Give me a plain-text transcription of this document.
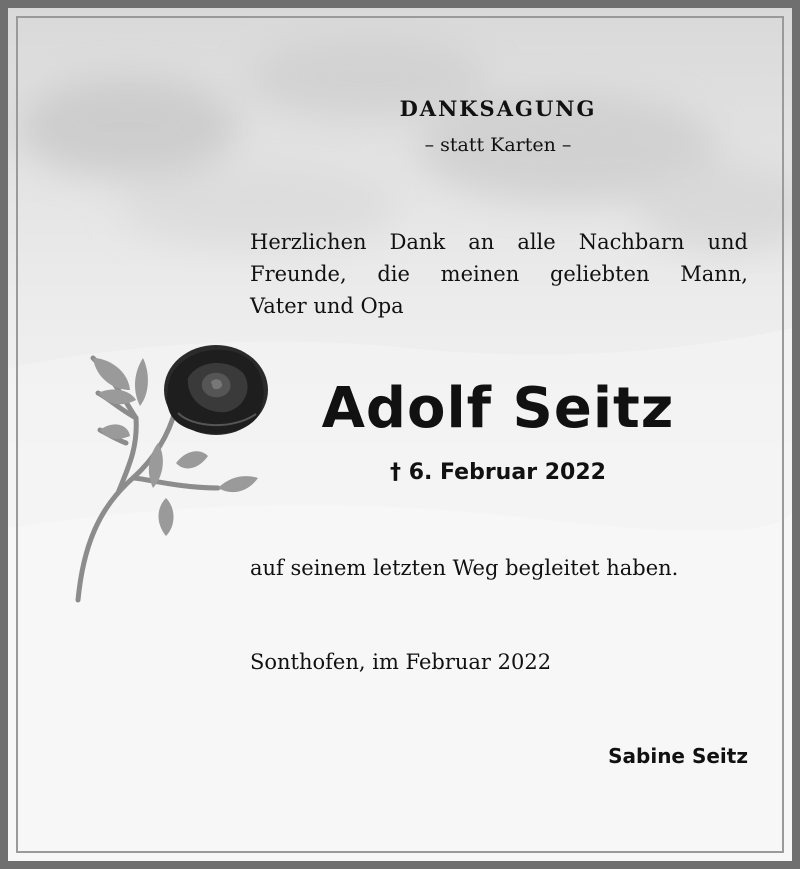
DANKSAGUNG
– statt Karten –
Herzlichen Dank an alle Nachbarn und
Freunde, die meinen geliebten Mann,
Vater und Opa
Adolf Seitz
† 6. Februar 2022
auf seinem letzten Weg begleitet haben.
Sonthofen, im Februar 2022
Sabine Seitz
